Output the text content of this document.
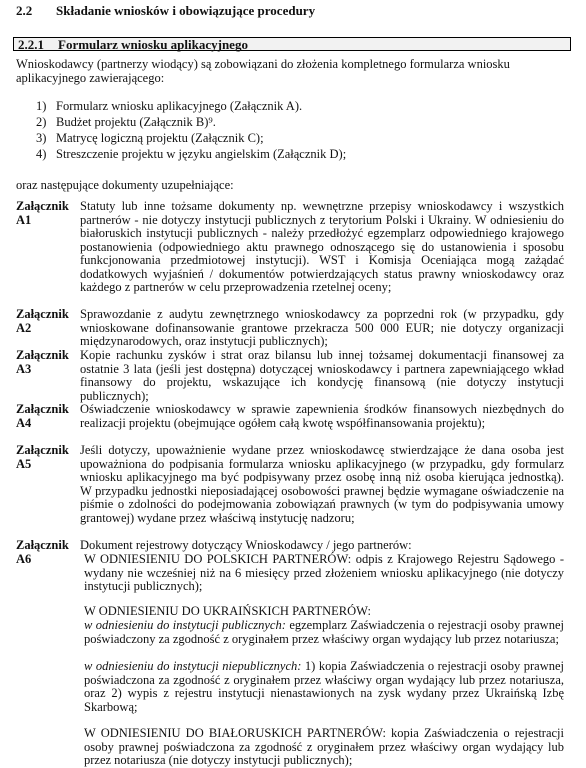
2.2 Składanie wniosków i obowiązujące procedury
2.2.1 Formularz wniosku aplikacyjnego
Wnioskodawcy (partnerzy wiodący) są zobowiązani do złożenia kompletnego formularza wniosku aplikacyjnego zawierającego:
1) Formularz wniosku aplikacyjnego (Załącznik A).
2) Budżet projektu (Załącznik B)⁹.
3) Matrycę logiczną projektu (Załącznik C);
4) Streszczenie projektu w języku angielskim (Załącznik D);
oraz następujące dokumenty uzupełniające:
Załącznik A1
Statuty lub inne tożsame dokumenty np. wewnętrzne przepisy wnioskodawcy i wszystkich partnerów - nie dotyczy instytucji publicznych z terytorium Polski i Ukrainy. W odniesieniu do białoruskich instytucji publicznych - należy przedłożyć egzemplarz odpowiedniego krajowego postanowienia (odpowiedniego aktu prawnego odnoszącego się do ustanowienia i sposobu funkcjonowania przedmiotowej instytucji). WST i Komisja Oceniająca mogą zażądać dodatkowych wyjaśnień / dokumentów potwierdzających status prawny wnioskodawcy oraz każdego z partnerów w celu przeprowadzenia rzetelnej oceny;
Załącznik A2
Sprawozdanie z audytu zewnętrznego wnioskodawcy za poprzedni rok (w przypadku, gdy wnioskowane dofinansowanie grantowe przekracza 500 000 EUR; nie dotyczy organizacji międzynarodowych, oraz instytucji publicznych);
Załącznik A3
Kopie rachunku zysków i strat oraz bilansu lub innej tożsamej dokumentacji finansowej za ostatnie 3 lata (jeśli jest dostępna) dotyczącej wnioskodawcy i partnera zapewniającego wkład finansowy do projektu, wskazujące ich kondycję finansową (nie dotyczy instytucji publicznych);
Załącznik A4
Oświadczenie wnioskodawcy w sprawie zapewnienia środków finansowych niezbędnych do realizacji projektu (obejmujące ogółem całą kwotę współfinansowania projektu);
Załącznik A5
Jeśli dotyczy, upoważnienie wydane przez wnioskodawcę stwierdzające że dana osoba jest upoważniona do podpisania formularza wniosku aplikacyjnego (w przypadku, gdy formularz wniosku aplikacyjnego ma być podpisywany przez osobę inną niż osoba kierująca jednostką). W przypadku jednostki nieposiadającej osobowości prawnej będzie wymagane oświadczenie na piśmie o zdolności do podejmowania zobowiązań prawnych (w tym do podpisywania umowy grantowej) wydane przez właściwą instytucję nadzoru;
Załącznik A6
Dokument rejestrowy dotyczący Wnioskodawcy / jego partnerów:
W ODNIESIENIU DO POLSKICH PARTNERÓW: odpis z Krajowego Rejestru Sądowego - wydany nie wcześniej niż na 6 miesięcy przed złożeniem wniosku aplikacyjnego (nie dotyczy instytucji publicznych);
W ODNIESIENIU DO UKRAIŃSKICH PARTNERÓW:
w odniesieniu do instytucji publicznych: egzemplarz Zaświadczenia o rejestracji osoby prawnej poświadczony za zgodność z oryginałem przez właściwy organ wydający lub przez notariusza;
w odniesieniu do instytucji niepublicznych: 1) kopia Zaświadczenia o rejestracji osoby prawnej poświadczona za zgodność z oryginałem przez właściwy organ wydający lub przez notariusza, oraz 2) wypis z rejestru instytucji nienastawionych na zysk wydany przez Ukraińską Izbę Skarbową;
W ODNIESIENIU DO BIAŁORUSKICH PARTNERÓW: kopia Zaświadczenia o rejestracji osoby prawnej poświadczona za zgodność z oryginałem przez właściwy organ wydający lub przez notariusza (nie dotyczy instytucji publicznych);
